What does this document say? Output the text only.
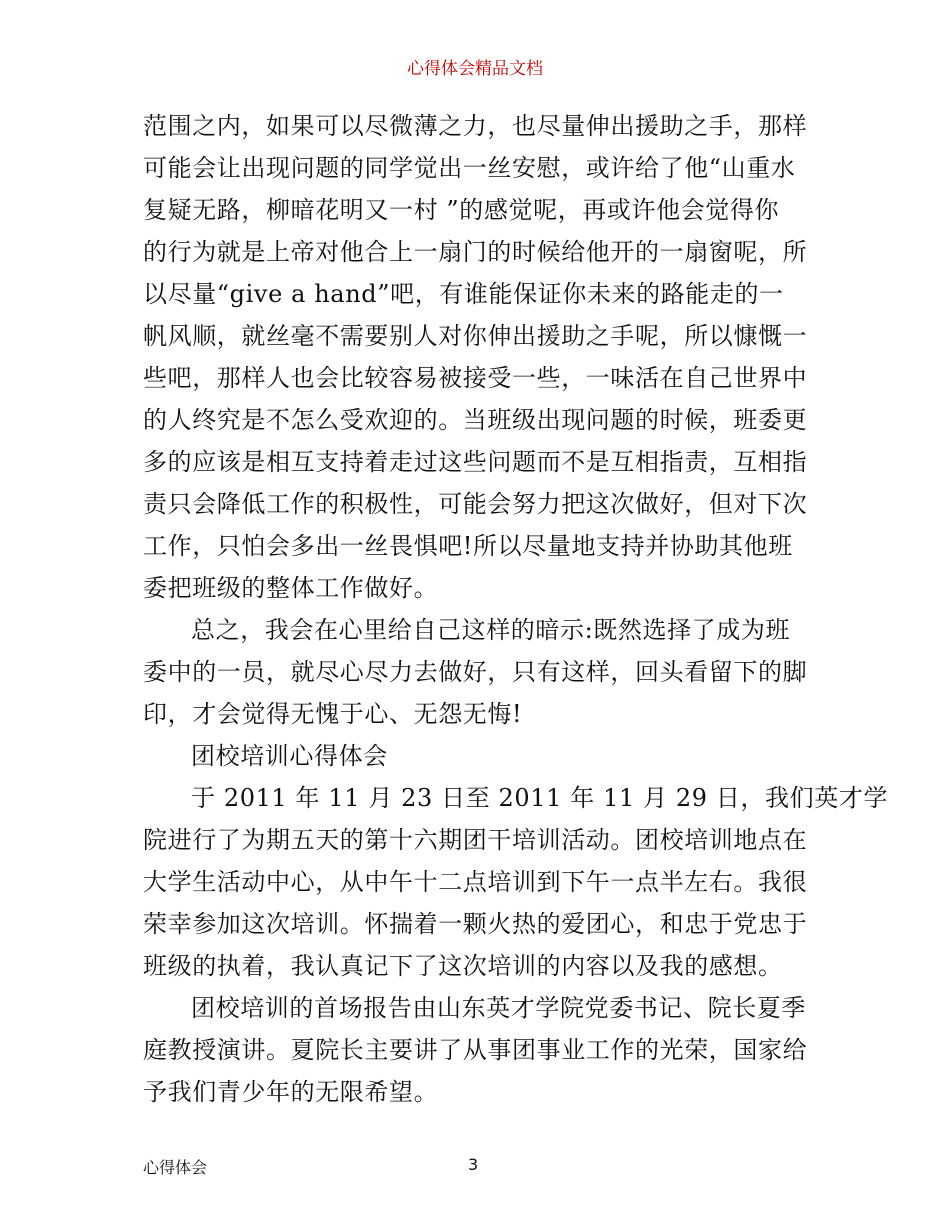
心得体会精品文档
范围之内，如果可以尽微薄之力，也尽量伸出援助之手，那样
可能会让出现问题的同学觉出一丝安慰，或许给了他“山重水
复疑无路，柳暗花明又一村 ”的感觉呢，再或许他会觉得你
的行为就是上帝对他合上一扇门的时候给他开的一扇窗呢，所
以尽量“give a hand”吧，有谁能保证你未来的路能走的一
帆风顺，就丝毫不需要别人对你伸出援助之手呢，所以慷慨一
些吧，那样人也会比较容易被接受一些，一味活在自己世界中
的人终究是不怎么受欢迎的。当班级出现问题的时候，班委更
多的应该是相互支持着走过这些问题而不是互相指责，互相指
责只会降低工作的积极性，可能会努力把这次做好，但对下次
工作，只怕会多出一丝畏惧吧!所以尽量地支持并协助其他班
委把班级的整体工作做好。
总之，我会在心里给自己这样的暗示:既然选择了成为班
委中的一员，就尽心尽力去做好，只有这样，回头看留下的脚
印，才会觉得无愧于心、无怨无悔!
团校培训心得体会
于 2011 年 11 月 23 日至 2011 年 11 月 29 日，我们英才学
院进行了为期五天的第十六期团干培训活动。团校培训地点在
大学生活动中心，从中午十二点培训到下午一点半左右。我很
荣幸参加这次培训。怀揣着一颗火热的爱团心，和忠于党忠于
班级的执着，我认真记下了这次培训的内容以及我的感想。
团校培训的首场报告由山东英才学院党委书记、院长夏季
庭教授演讲。夏院长主要讲了从事团事业工作的光荣，国家给
予我们青少年的无限希望。
心得体会	3
